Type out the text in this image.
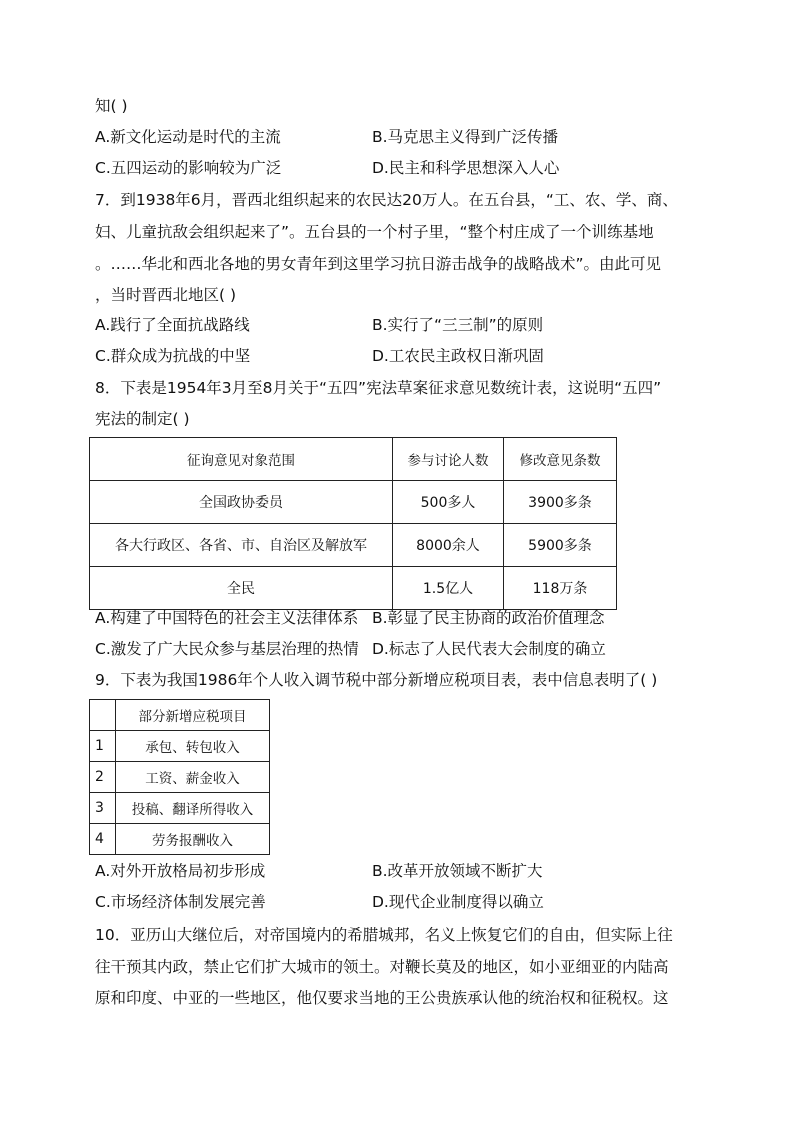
知( )
A.新文化运动是时代的主流	B.马克思主义得到广泛传播
C.五四运动的影响较为广泛	D.民主和科学思想深入人心
7．到1938年6月，晋西北组织起来的农民达20万人。在五台县，“工、农、学、商、
妇、儿童抗敌会组织起来了”。五台县的一个村子里，“整个村庄成了一个训练基地
。……华北和西北各地的男女青年到这里学习抗日游击战争的战略战术”。由此可见
，当时晋西北地区( )
A.践行了全面抗战路线	B.实行了“三三制”的原则
C.群众成为抗战的中坚	D.工农民主政权日渐巩固
8．下表是1954年3月至8月关于“五四”宪法草案征求意见数统计表，这说明“五四”
宪法的制定( )
征询意见对象范围	参与讨论人数	修改意见条数
全国政协委员	500多人	3900多条
各大行政区、各省、市、自治区及解放军	8000余人	5900多条
全民	1.5亿人	118万条
A.构建了中国特色的社会主义法律体系 B.彰显了民主协商的政治价值理念
C.激发了广大民众参与基层治理的热情 D.标志了人民代表大会制度的确立
9．下表为我国1986年个人收入调节税中部分新增应税项目表，表中信息表明了( )
	部分新增应税项目
1	承包、转包收入
2	工资、薪金收入
3	投稿、翻译所得收入
4	劳务报酬收入
A.对外开放格局初步形成	B.改革开放领域不断扩大
C.市场经济体制发展完善	D.现代企业制度得以确立
10．亚历山大继位后，对帝国境内的希腊城邦，名义上恢复它们的自由，但实际上往
往干预其内政，禁止它们扩大城市的领土。对鞭长莫及的地区，如小亚细亚的内陆高
原和印度、中亚的一些地区，他仅要求当地的王公贵族承认他的统治权和征税权。这
